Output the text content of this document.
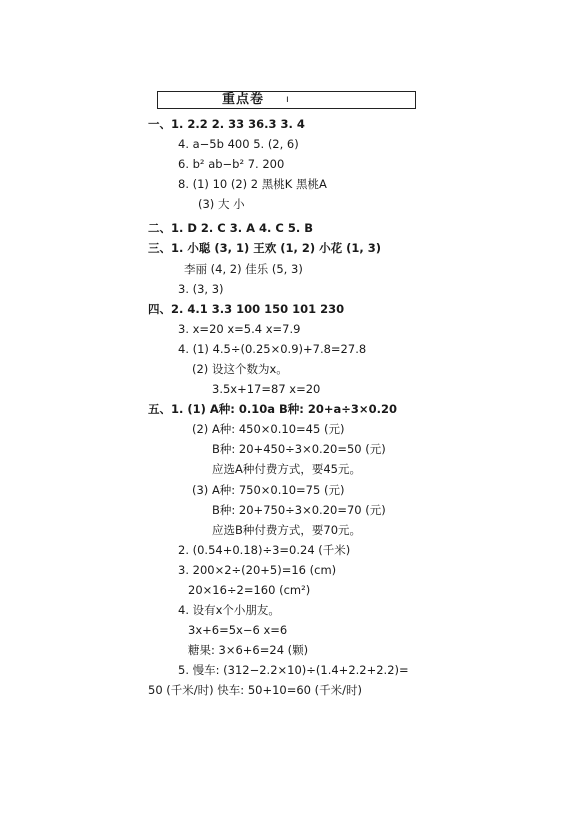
重点卷 ı
一、1. 2.2 2. 33 36.3 3. 4
4. a−5b 400 5. (2, 6)
6. b² ab−b² 7. 200
8. (1) 10 (2) 2 黑桃K 黑桃A
(3) 大 小
二、1. D 2. C 3. A 4. C 5. B
三、1. 小聪 (3, 1) 王欢 (1, 2) 小花 (1, 3)
李丽 (4, 2) 佳乐 (5, 3)
3. (3, 3)
四、2. 4.1 3.3 100 150 101 230
3. x=20 x=5.4 x=7.9
4. (1) 4.5÷(0.25×0.9)+7.8=27.8
(2) 设这个数为x。
3.5x+17=87 x=20
五、1. (1) A种: 0.10a B种: 20+a÷3×0.20
(2) A种: 450×0.10=45 (元)
B种: 20+450÷3×0.20=50 (元)
应选A种付费方式，要45元。
(3) A种: 750×0.10=75 (元)
B种: 20+750÷3×0.20=70 (元)
应选B种付费方式，要70元。
2. (0.54+0.18)÷3=0.24 (千米)
3. 200×2÷(20+5)=16 (cm)
20×16÷2=160 (cm²)
4. 设有x个小朋友。
3x+6=5x−6 x=6
糖果: 3×6+6=24 (颗)
5. 慢车: (312−2.2×10)÷(1.4+2.2+2.2)=
50 (千米/时) 快车: 50+10=60 (千米/时)
